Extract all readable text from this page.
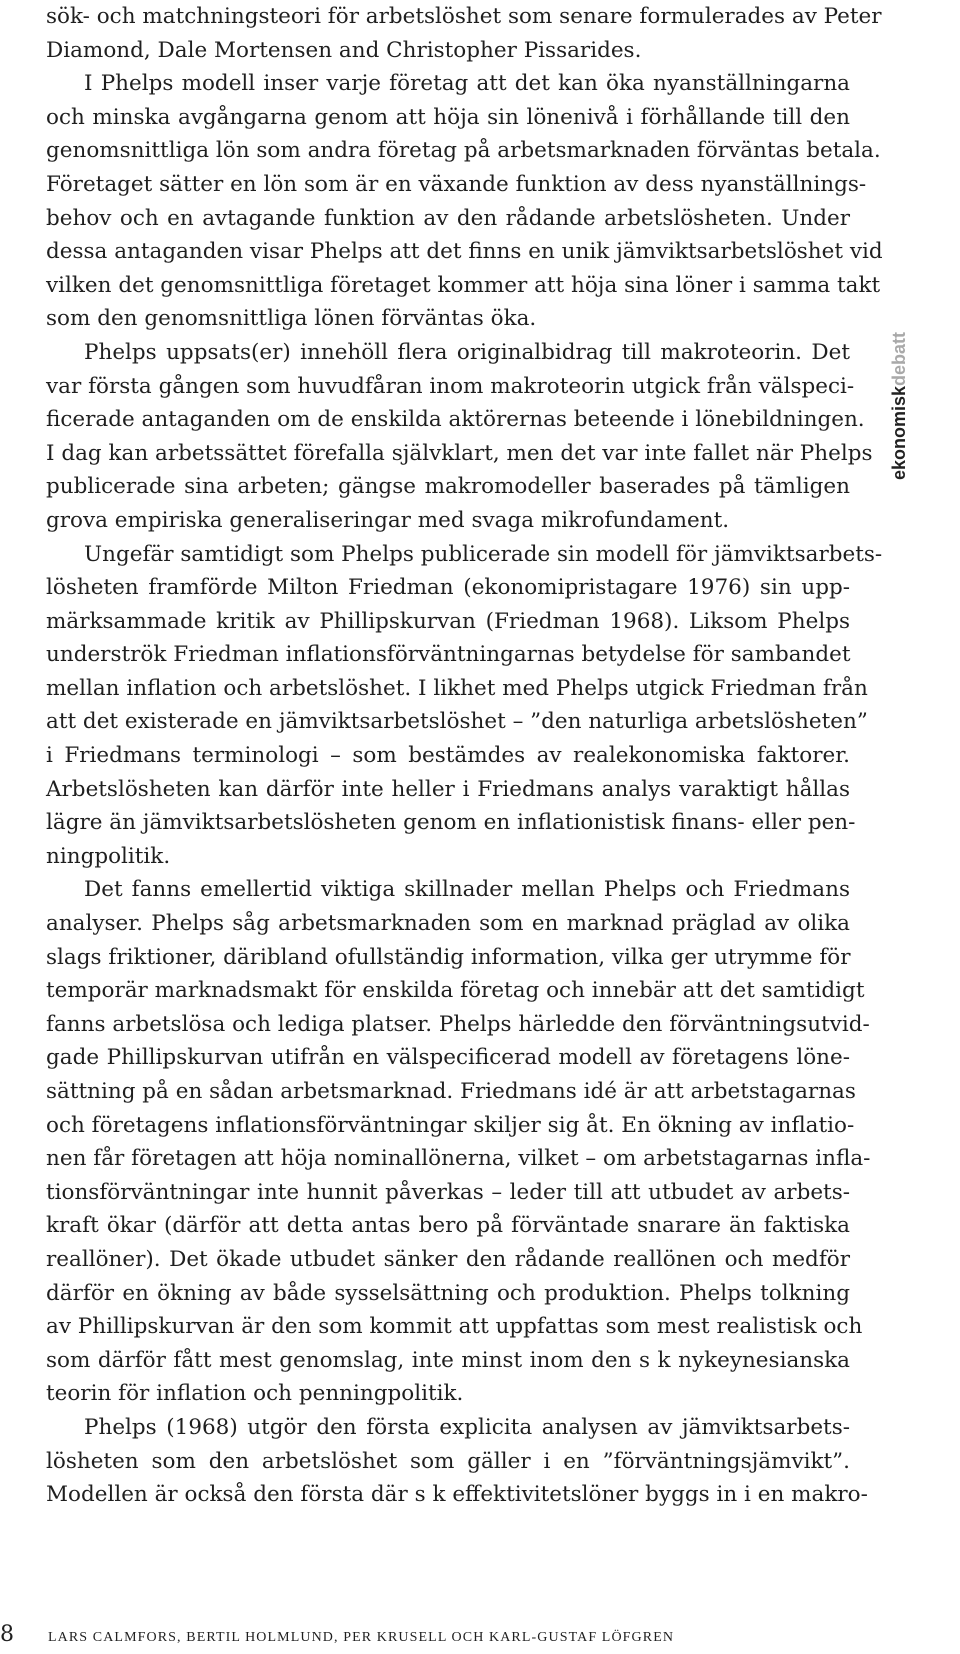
sök- och matchningsteori för arbetslöshet som senare formulerades av Peter
Diamond, Dale Mortensen and Christopher Pissarides.
I Phelps modell inser varje företag att det kan öka nyanställningarna
och minska avgångarna genom att höja sin lönenivå i förhållande till den
genomsnittliga lön som andra företag på arbetsmarknaden förväntas betala.
Företaget sätter en lön som är en växande funktion av dess nyanställnings-
behov och en avtagande funktion av den rådande arbetslösheten. Under
dessa antaganden visar Phelps att det finns en unik jämviktsarbetslöshet vid
vilken det genomsnittliga företaget kommer att höja sina löner i samma takt
som den genomsnittliga lönen förväntas öka.
Phelps uppsats(er) innehöll flera originalbidrag till makroteorin. Det
var första gången som huvudfåran inom makroteorin utgick från välspeci-
ficerade antaganden om de enskilda aktörernas beteende i lönebildningen.
I dag kan arbetssättet förefalla självklart, men det var inte fallet när Phelps
publicerade sina arbeten; gängse makromodeller baserades på tämligen
grova empiriska generaliseringar med svaga mikrofundament.
Ungefär samtidigt som Phelps publicerade sin modell för jämviktsarbets-
lösheten framförde Milton Friedman (ekonomipristagare 1976) sin upp-
märksammade kritik av Phillipskurvan (Friedman 1968). Liksom Phelps
underströk Friedman inflationsförväntningarnas betydelse för sambandet
mellan inflation och arbetslöshet. I likhet med Phelps utgick Friedman från
att det existerade en jämviktsarbetslöshet – ”den naturliga arbetslösheten”
i Friedmans terminologi – som bestämdes av realekonomiska faktorer.
Arbetslösheten kan därför inte heller i Friedmans analys varaktigt hållas
lägre än jämviktsarbetslösheten genom en inflationistisk finans- eller pen-
ningpolitik.
Det fanns emellertid viktiga skillnader mellan Phelps och Friedmans
analyser. Phelps såg arbetsmarknaden som en marknad präglad av olika
slags friktioner, däribland ofullständig information, vilka ger utrymme för
temporär marknadsmakt för enskilda företag och innebär att det samtidigt
fanns arbetslösa och lediga platser. Phelps härledde den förväntningsutvid-
gade Phillipskurvan utifrån en välspecificerad modell av företagens löne-
sättning på en sådan arbetsmarknad. Friedmans idé är att arbetstagarnas
och företagens inflationsförväntningar skiljer sig åt. En ökning av inflatio-
nen får företagen att höja nominallönerna, vilket – om arbetstagarnas infla-
tionsförväntningar inte hunnit påverkas – leder till att utbudet av arbets-
kraft ökar (därför att detta antas bero på förväntade snarare än faktiska
reallöner). Det ökade utbudet sänker den rådande reallönen och medför
därför en ökning av både sysselsättning och produktion. Phelps tolkning
av Phillipskurvan är den som kommit att uppfattas som mest realistisk och
som därför fått mest genomslag, inte minst inom den s k nykeynesianska
teorin för inflation och penningpolitik.
Phelps (1968) utgör den första explicita analysen av jämviktsarbets-
lösheten som den arbetslöshet som gäller i en ”förväntningsjämvikt”.
Modellen är också den första där s k effektivitetslöner byggs in i en makro-
ekonomiskdebatt
8 LARS CALMFORS, BERTIL HOLMLUND, PER KRUSELL OCH KARL-GUSTAF LÖFGREN
